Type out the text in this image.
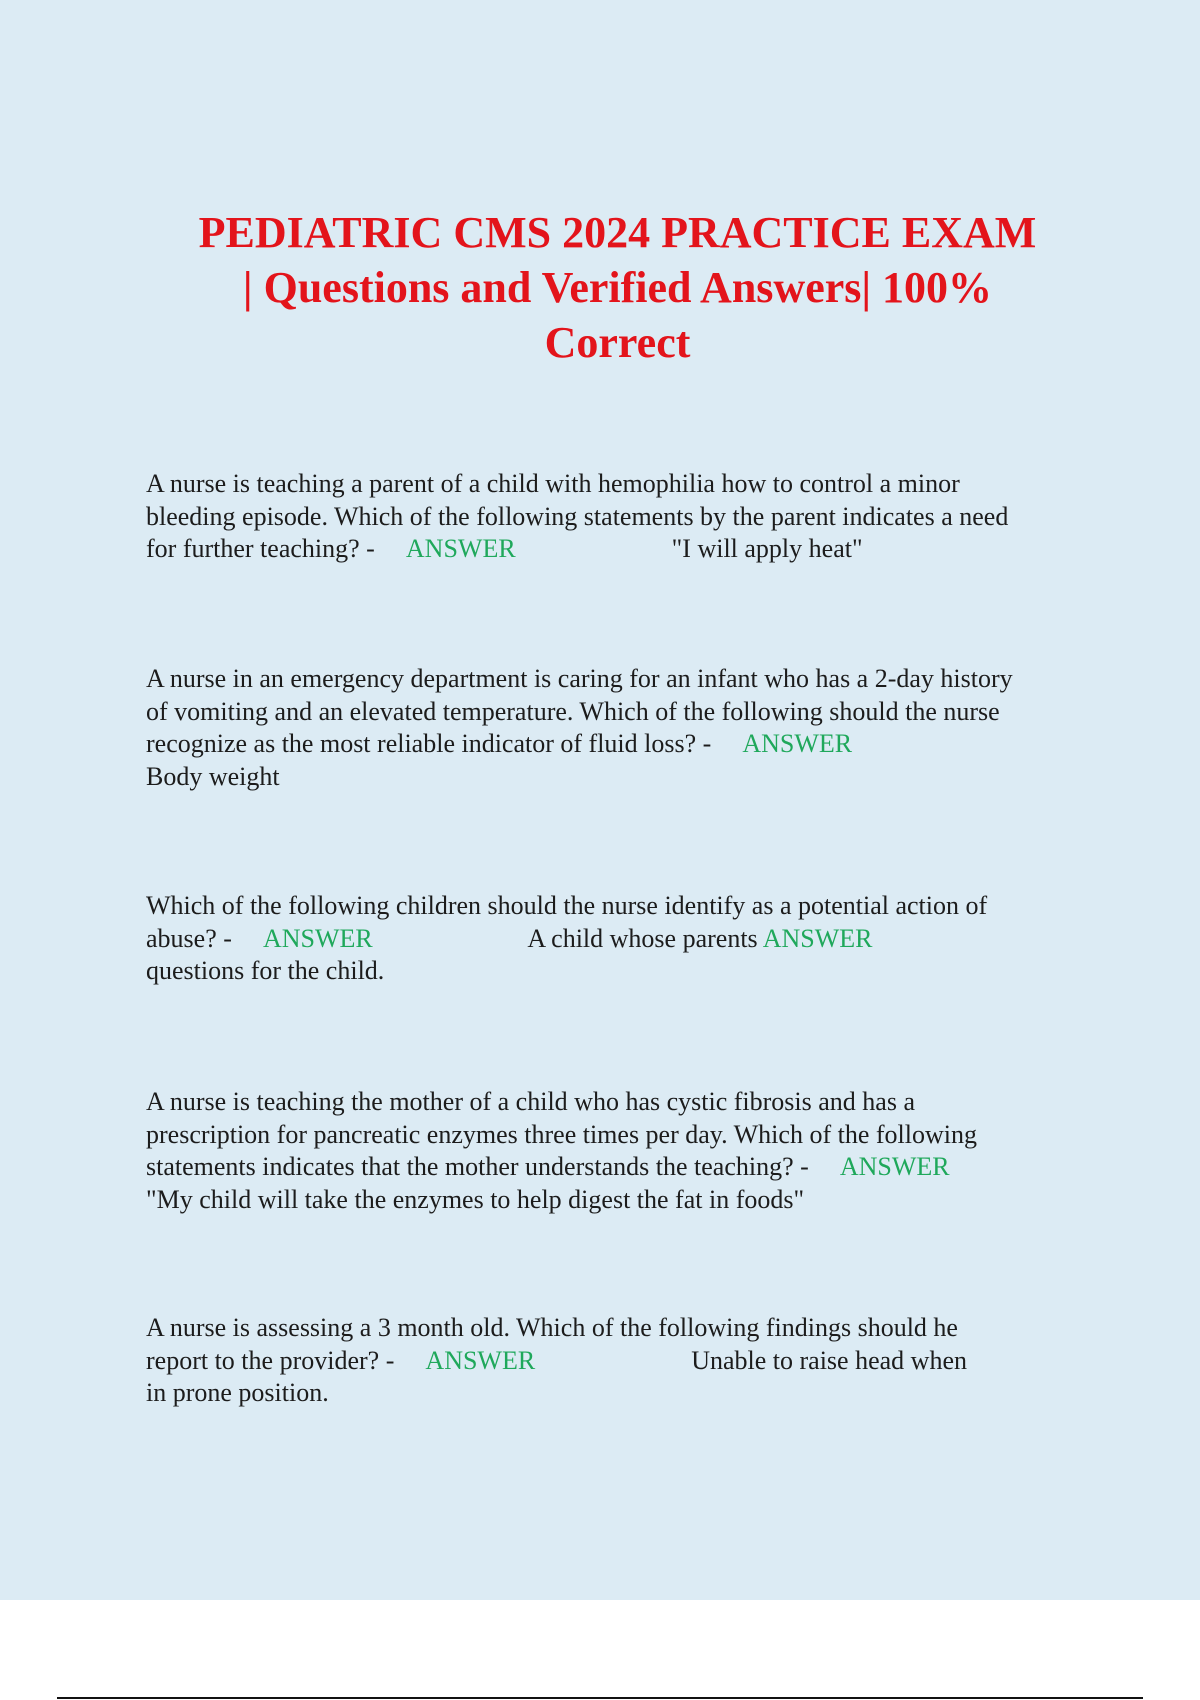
PEDIATRIC CMS 2024 PRACTICE EXAM
| Questions and Verified Answers| 100%
Correct
A nurse is teaching a parent of a child with hemophilia how to control a minor
bleeding episode. Which of the following statements by the parent indicates a need
for further teaching? -     ANSWER                        "I will apply heat"
A nurse in an emergency department is caring for an infant who has a 2-day history
of vomiting and an elevated temperature. Which of the following should the nurse
recognize as the most reliable indicator of fluid loss? -     ANSWER
Body weight
Which of the following children should the nurse identify as a potential action of
abuse? -     ANSWER                        A child whose parents ANSWER
questions for the child.
A nurse is teaching the mother of a child who has cystic fibrosis and has a
prescription for pancreatic enzymes three times per day. Which of the following
statements indicates that the mother understands the teaching? -     ANSWER
"My child will take the enzymes to help digest the fat in foods"
A nurse is assessing a 3 month old. Which of the following findings should he
report to the provider? -     ANSWER                        Unable to raise head when
in prone position.
